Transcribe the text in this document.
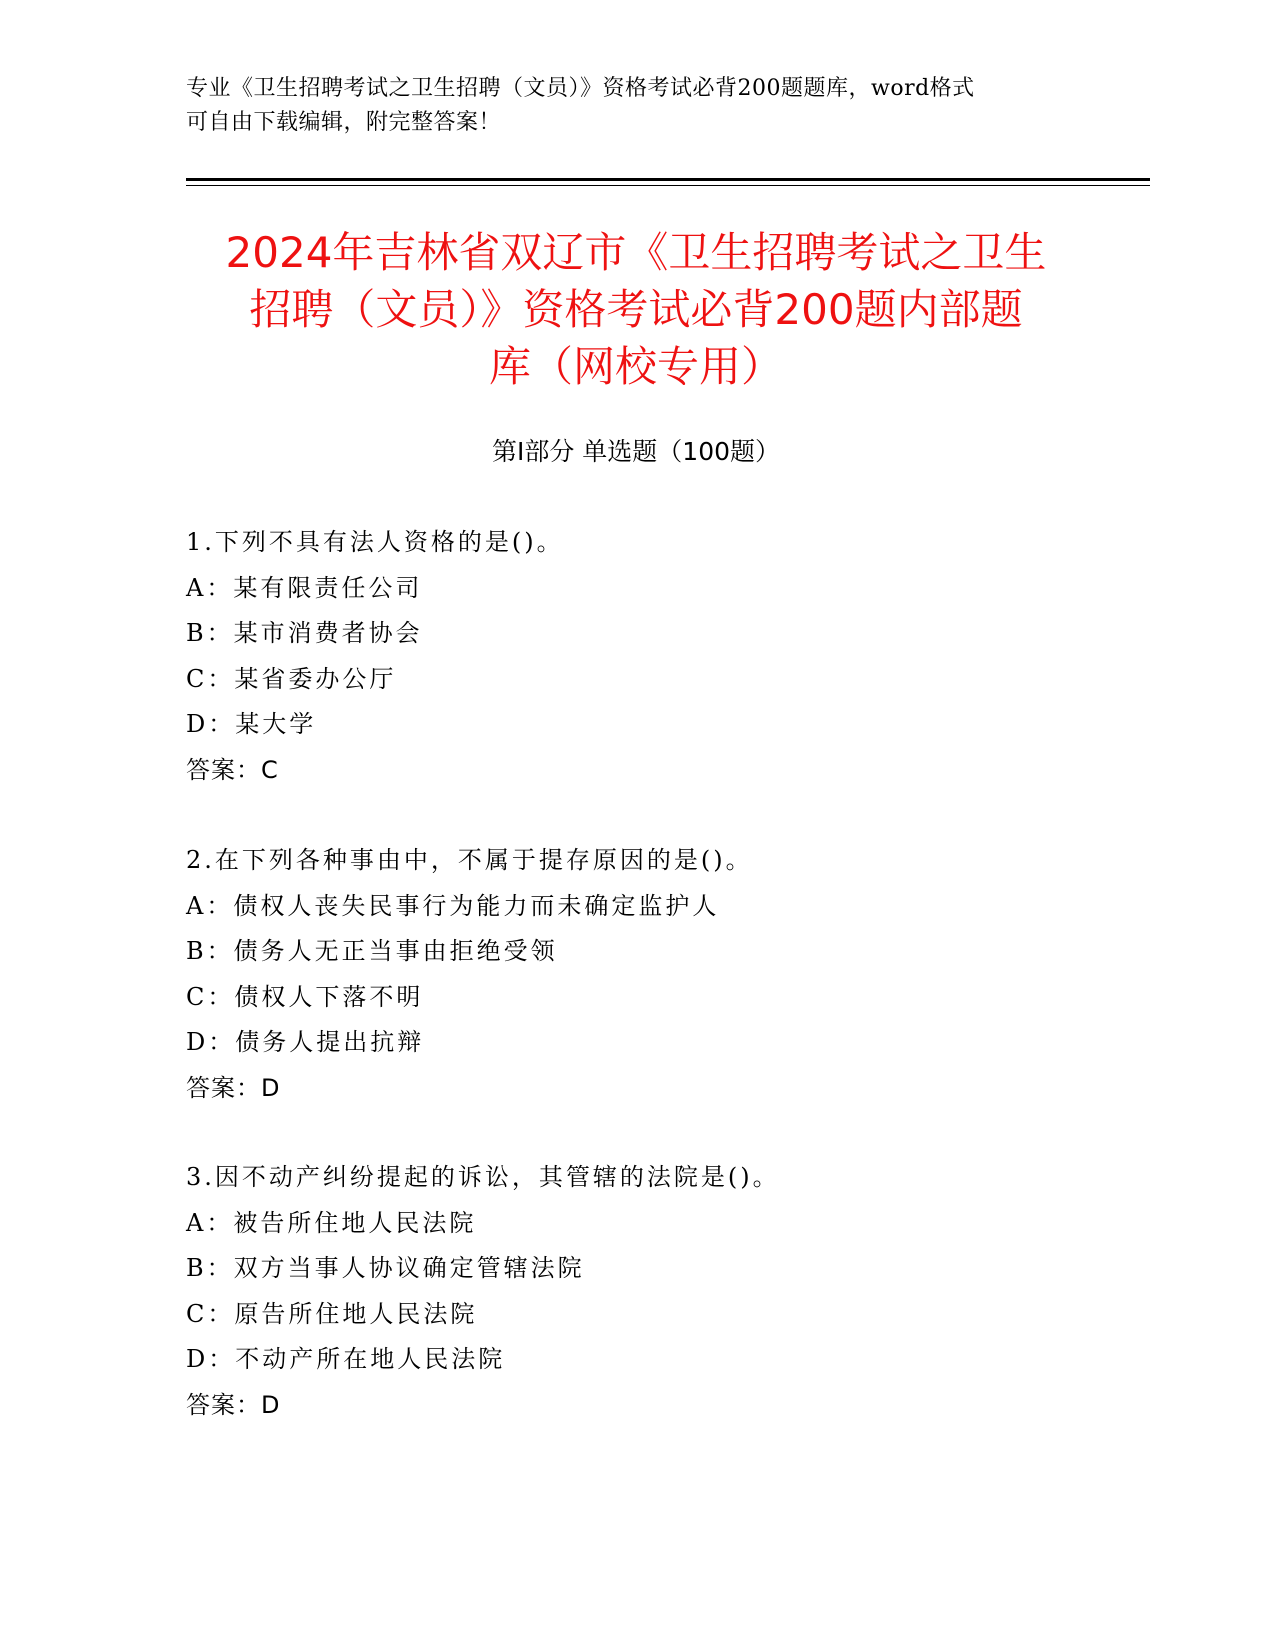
专业《卫生招聘考试之卫生招聘（文员）》资格考试必背200题题库，word格式
可自由下载编辑，附完整答案！
2024年吉林省双辽市《卫生招聘考试之卫生
招聘（文员）》资格考试必背200题内部题
库（网校专用）
第Ⅰ部分 单选题（100题）
1.下列不具有法人资格的是()。
A：某有限责任公司
B：某市消费者协会
C：某省委办公厅
D：某大学
答案：C
2.在下列各种事由中，不属于提存原因的是()。
A：债权人丧失民事行为能力而未确定监护人
B：债务人无正当事由拒绝受领
C：债权人下落不明
D：债务人提出抗辩
答案：D
3.因不动产纠纷提起的诉讼，其管辖的法院是()。
A：被告所住地人民法院
B：双方当事人协议确定管辖法院
C：原告所住地人民法院
D：不动产所在地人民法院
答案：D
